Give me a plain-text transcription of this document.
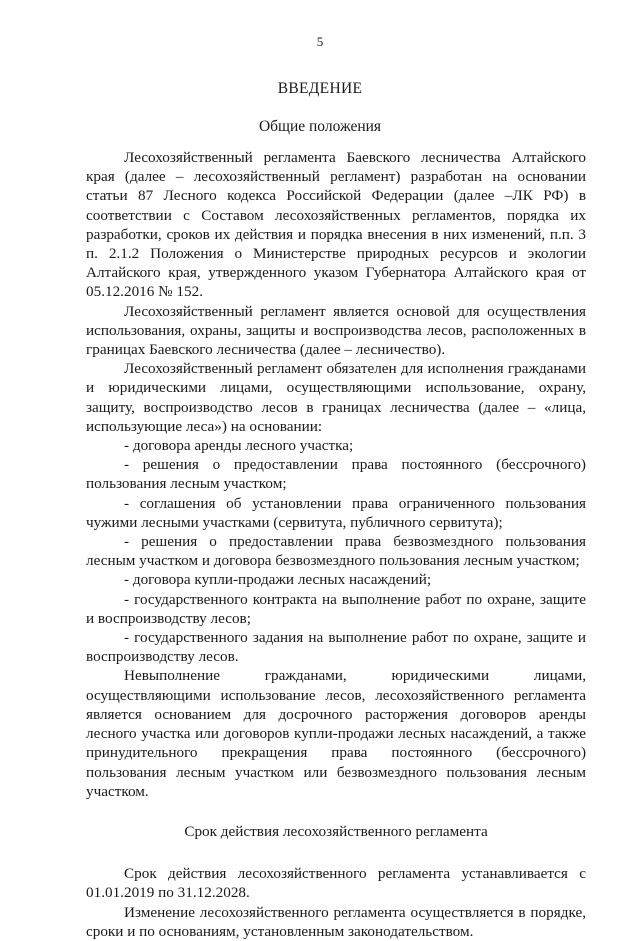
5
ВВЕДЕНИЕ
Общие положения

Лесохозяйственный регламента Баевского лесничества Алтайского края (далее – лесохозяйственный регламент) разработан на основании статьи 87 Лесного кодекса Российской Федерации (далее –ЛК РФ) в соответствии с Составом лесохозяйственных регламентов, порядка их разработки, сроков их действия и порядка внесения в них изменений, п.п. 3 п. 2.1.2 Положения о Министерстве природных ресурсов и экологии Алтайского края, утвержденного указом Губернатора Алтайского края от 05.12.2016 № 152.

Лесохозяйственный регламент является основой для осуществления использования, охраны, защиты и воспроизводства лесов, расположенных в границах Баевского лесничества (далее – лесничество).

Лесохозяйственный регламент обязателен для исполнения гражданами и юридическими лицами, осуществляющими использование, охрану, защиту, воспроизводство лесов в границах лесничества (далее – «лица, использующие леса») на основании:

- договора аренды лесного участка;

- решения о предоставлении права постоянного (бессрочного) пользования лесным участком;

- соглашения об установлении права ограниченного пользования чужими лесными участками (сервитута, публичного сервитута);

- решения о предоставлении права безвозмездного пользования лесным участком и договора безвозмездного пользования лесным участком;

- договора купли-продажи лесных насаждений;

- государственного контракта на выполнение работ по охране, защите и воспроизводству лесов;

- государственного задания на выполнение работ по охране, защите и воспроизводству лесов.

Невыполнение гражданами, юридическими лицами, осуществляющими использование лесов, лесохозяйственного регламента является основанием для досрочного расторжения договоров аренды лесного участка или договоров купли-продажи лесных насаждений, а также принудительного прекращения права постоянного (бессрочного) пользования лесным участком или безвозмездного пользования лесным участком.

Срок действия лесохозяйственного регламента

Срок действия лесохозяйственного регламента устанавливается с 01.01.2019 по 31.12.2028.

Изменение лесохозяйственного регламента осуществляется в порядке, сроки и по основаниям, установленным законодательством.
